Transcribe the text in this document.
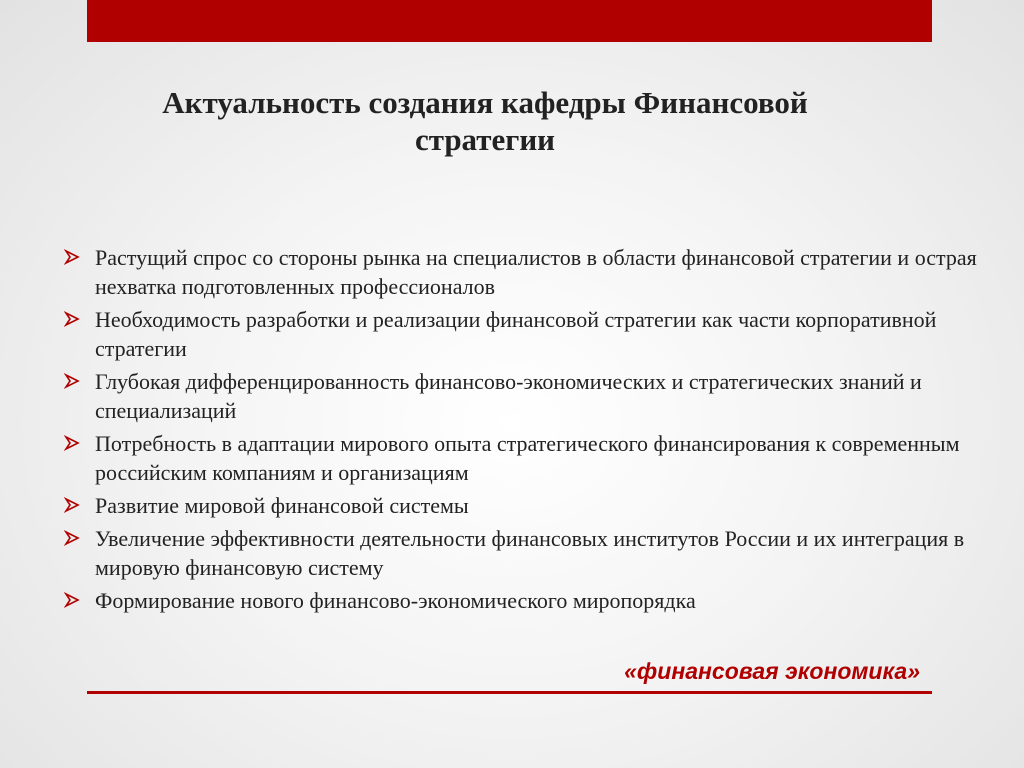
Актуальность создания кафедры Финансовой стратегии
Растущий спрос со стороны рынка на специалистов в области финансовой стратегии и острая нехватка подготовленных профессионалов
Необходимость разработки и реализации финансовой стратегии как части корпоративной стратегии
Глубокая дифференцированность финансово-экономических и стратегических знаний и специализаций
Потребность в адаптации мирового опыта стратегического финансирования к современным российским компаниям и организациям
Развитие мировой финансовой системы
Увеличение эффективности деятельности финансовых институтов России и их интеграция в мировую финансовую систему
Формирование нового финансово-экономического миропорядка
«финансовая экономика»
